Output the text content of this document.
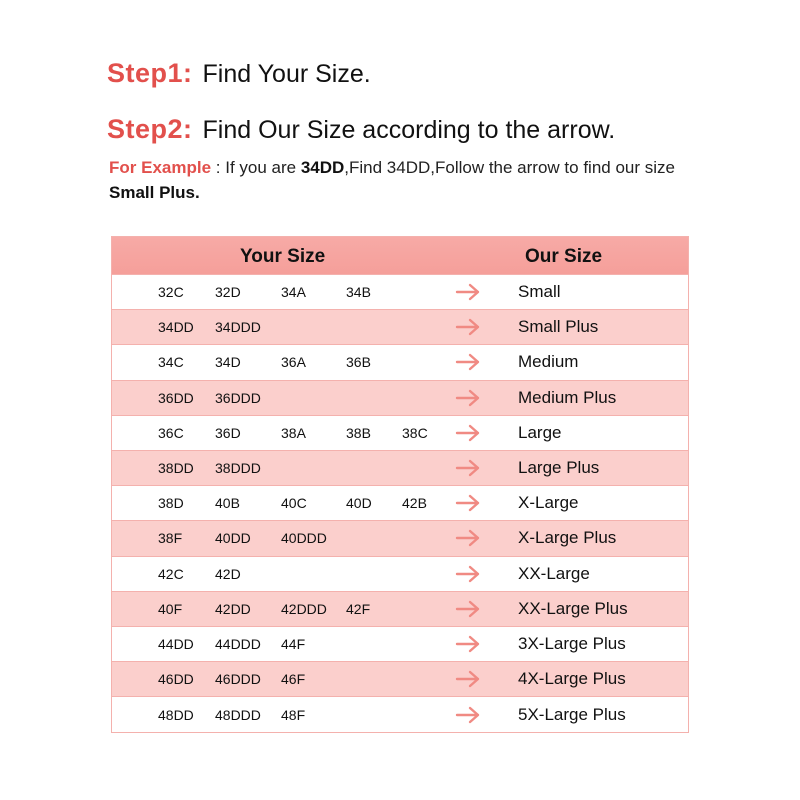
Step1: Find Your Size.
Step2: Find Our Size according to the arrow.
For Example : If you are 34DD,Find 34DD,Follow the arrow to find our size Small Plus.
Your Size	Our Size
32C 32D	34A	34B	Small
34DD 34DDD	Small Plus
34C 34D	36A	36B	Medium
36DD 36DDD	Medium Plus
36C 36D	38A	38B 38C	Large
38DD 38DDD	Large Plus
38D 40B	40C	40D 42B	X-Large
38F 40DD 40DDD	X-Large Plus
42C 42D	XX-Large
40F 42DD 42DDD 42F	XX-Large Plus
44DD 44DDD 44F	3X-Large Plus
46DD 46DDD 46F	4X-Large Plus
48DD 48DDD 48F	5X-Large Plus
